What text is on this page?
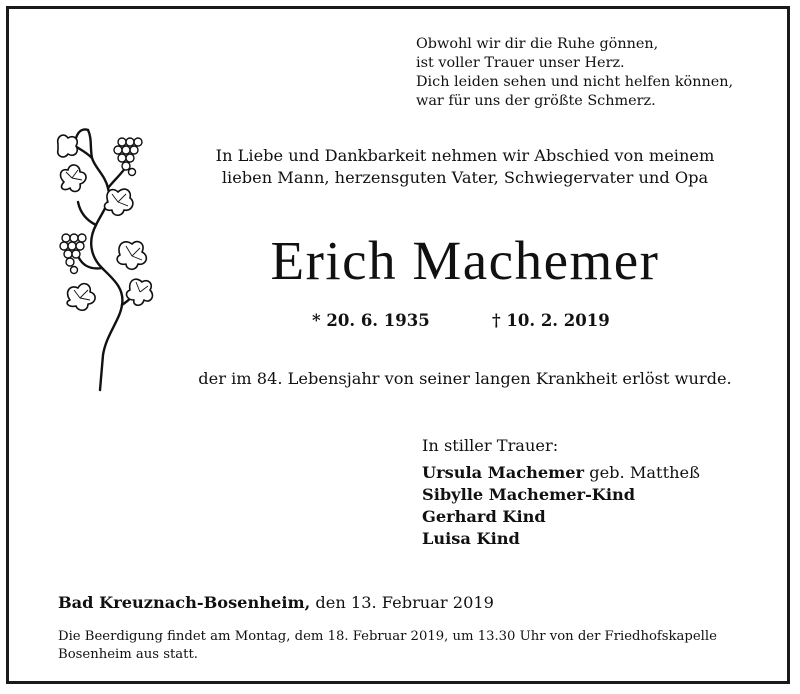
Obwohl wir dir die Ruhe gönnen,
ist voller Trauer unser Herz.
Dich leiden sehen und nicht helfen können,
war für uns der größte Schmerz.
In Liebe und Dankbarkeit nehmen wir Abschied von meinem
lieben Mann, herzensguten Vater, Schwiegervater und Opa
Erich Machemer
* 20. 6. 1935	† 10. 2. 2019
der im 84. Lebensjahr von seiner langen Krankheit erlöst wurde.
In stiller Trauer:
Ursula Machemer geb. Mattheß
Sibylle Machemer-Kind
Gerhard Kind
Luisa Kind
Bad Kreuznach-Bosenheim, den 13. Februar 2019
Die Beerdigung findet am Montag, dem 18. Februar 2019, um 13.30 Uhr von der Friedhofskapelle Bosenheim aus statt.
